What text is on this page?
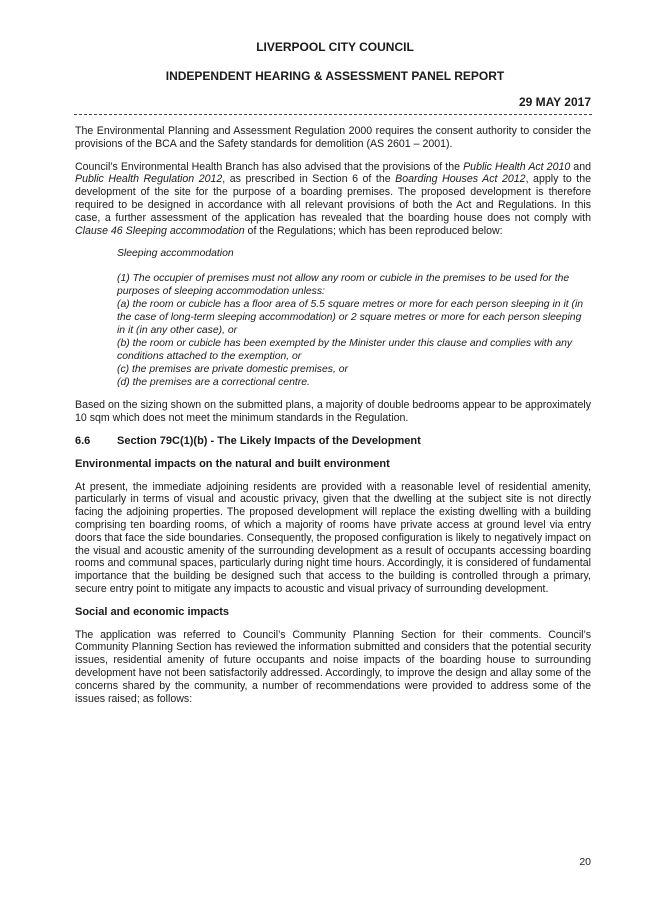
LIVERPOOL CITY COUNCIL
INDEPENDENT HEARING & ASSESSMENT PANEL REPORT
29 MAY 2017

The Environmental Planning and Assessment Regulation 2000 requires the consent authority to consider the provisions of the BCA and the Safety standards for demolition (AS 2601 – 2001).

Council’s Environmental Health Branch has also advised that the provisions of the Public Health Act 2010 and Public Health Regulation 2012, as prescribed in Section 6 of the Boarding Houses Act 2012, apply to the development of the site for the purpose of a boarding premises. The proposed development is therefore required to be designed in accordance with all relevant provisions of both the Act and Regulations. In this case, a further assessment of the application has revealed that the boarding house does not comply with Clause 46 Sleeping accommodation of the Regulations; which has been reproduced below:

Sleeping accommodation
(1) The occupier of premises must not allow any room or cubicle in the premises to be used for the purposes of sleeping accommodation unless:
(a) the room or cubicle has a floor area of 5.5 square metres or more for each person sleeping in it (in the case of long-term sleeping accommodation) or 2 square metres or more for each person sleeping in it (in any other case), or
(b) the room or cubicle has been exempted by the Minister under this clause and complies with any conditions attached to the exemption, or
(c) the premises are private domestic premises, or
(d) the premises are a correctional centre.

Based on the sizing shown on the submitted plans, a majority of double bedrooms appear to be approximately 10 sqm which does not meet the minimum standards in the Regulation.

6.6 Section 79C(1)(b) - The Likely Impacts of the Development
Environmental impacts on the natural and built environment

At present, the immediate adjoining residents are provided with a reasonable level of residential amenity, particularly in terms of visual and acoustic privacy, given that the dwelling at the subject site is not directly facing the adjoining properties. The proposed development will replace the existing dwelling with a building comprising ten boarding rooms, of which a majority of rooms have private access at ground level via entry doors that face the side boundaries. Consequently, the proposed configuration is likely to negatively impact on the visual and acoustic amenity of the surrounding development as a result of occupants accessing boarding rooms and communal spaces, particularly during night time hours. Accordingly, it is considered of fundamental importance that the building be designed such that access to the building is controlled through a primary, secure entry point to mitigate any impacts to acoustic and visual privacy of surrounding development.

Social and economic impacts

The application was referred to Council’s Community Planning Section for their comments. Council’s Community Planning Section has reviewed the information submitted and considers that the potential security issues, residential amenity of future occupants and noise impacts of the boarding house to surrounding development have not been satisfactorily addressed. Accordingly, to improve the design and allay some of the concerns shared by the community, a number of recommendations were provided to address some of the issues raised; as follows:

20
